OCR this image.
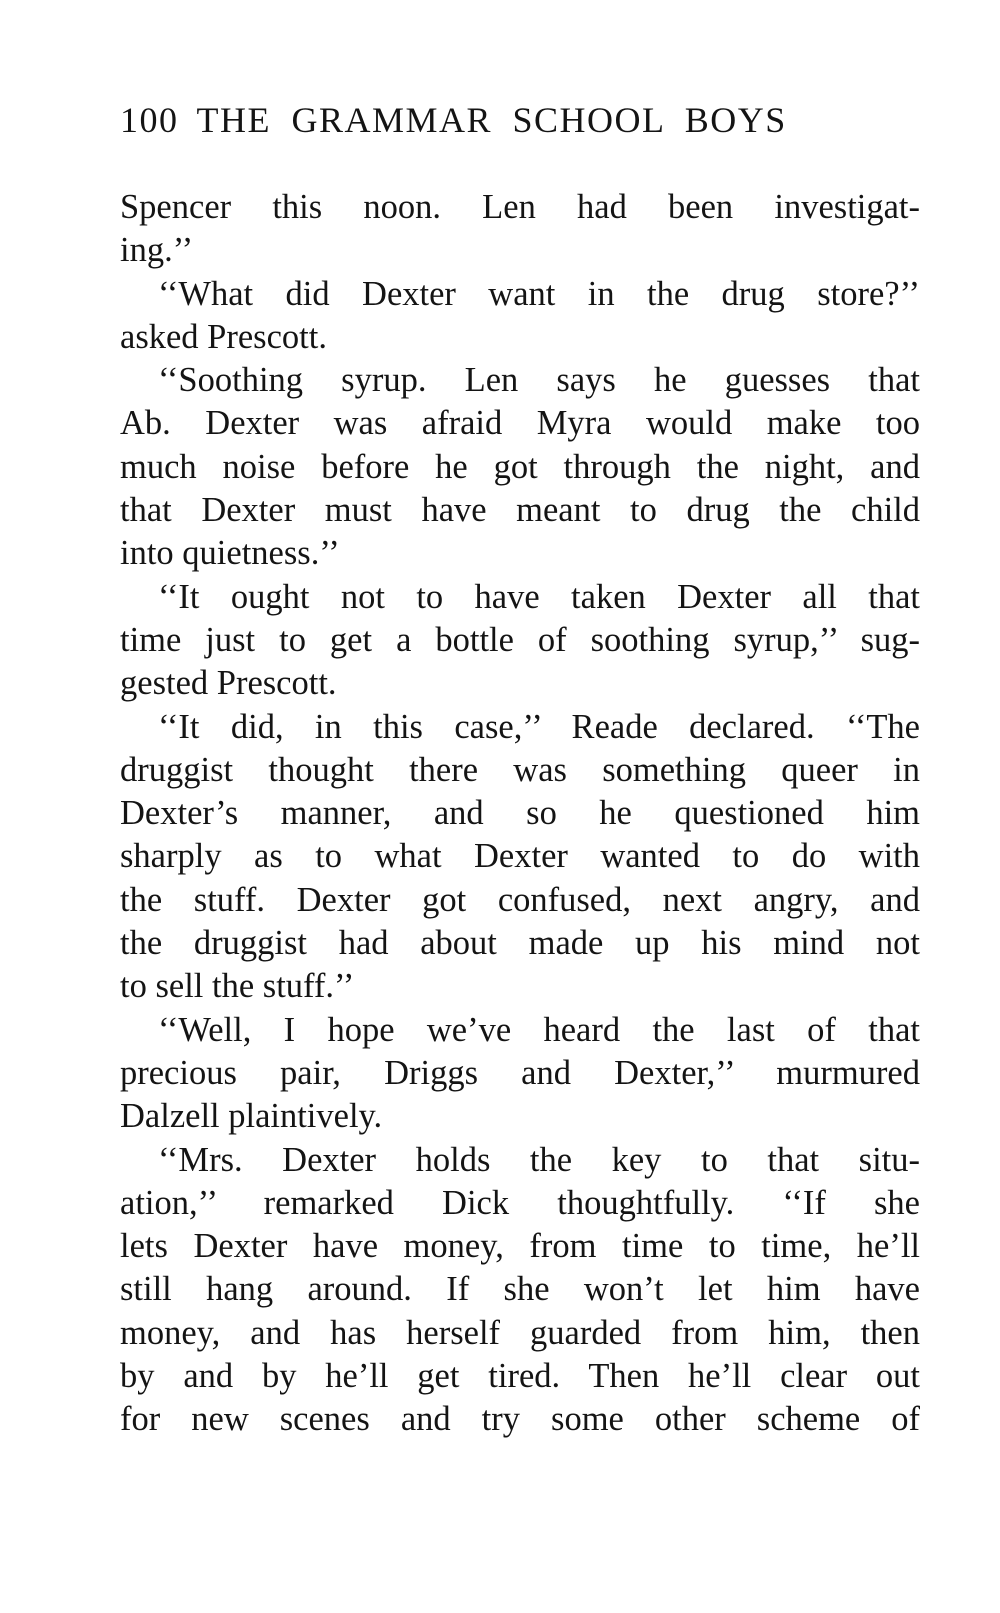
100 THE GRAMMAR SCHOOL BOYS
Spencer this noon. Len had been investigat-
ing.’’
‘‘What did Dexter want in the drug store?’’
asked Prescott.
‘‘Soothing syrup. Len says he guesses that
Ab. Dexter was afraid Myra would make too
much noise before he got through the night, and
that Dexter must have meant to drug the child
into quietness.’’
‘‘It ought not to have taken Dexter all that
time just to get a bottle of soothing syrup,’’ sug-
gested Prescott.
‘‘It did, in this case,’’ Reade declared. ‘‘The
druggist thought there was something queer in
Dexter’s manner, and so he questioned him
sharply as to what Dexter wanted to do with
the stuff. Dexter got confused, next angry, and
the druggist had about made up his mind not
to sell the stuff.’’
‘‘Well, I hope we’ve heard the last of that
precious pair, Driggs and Dexter,’’ murmured
Dalzell plaintively.
‘‘Mrs. Dexter holds the key to that situ-
ation,’’ remarked Dick thoughtfully. ‘‘If she
lets Dexter have money, from time to time, he’ll
still hang around. If she won’t let him have
money, and has herself guarded from him, then
by and by he’ll get tired. Then he’ll clear out
for new scenes and try some other scheme of
